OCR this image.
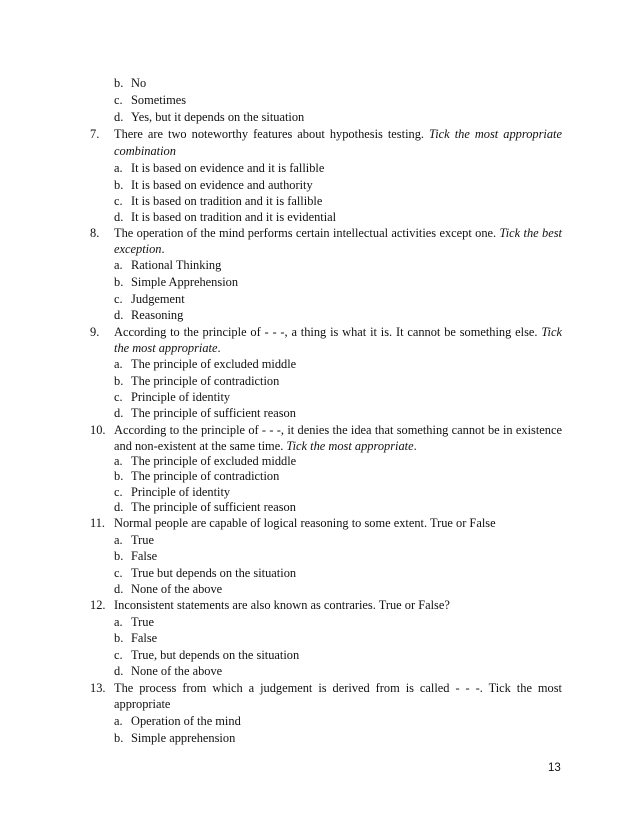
b. No
c. Sometimes
d. Yes, but it depends on the situation
7. There are two noteworthy features about hypothesis testing. Tick the most appropriate
combination
a. It is based on evidence and it is fallible
b. It is based on evidence and authority
c. It is based on tradition and it is fallible
d. It is based on tradition and it is evidential
8. The operation of the mind performs certain intellectual activities except one. Tick the best
exception.
a. Rational Thinking
b. Simple Apprehension
c. Judgement
d. Reasoning
9. According to the principle of - - -, a thing is what it is. It cannot be something else. Tick
the most appropriate.
a. The principle of excluded middle
b. The principle of contradiction
c. Principle of identity
d. The principle of sufficient reason
10. According to the principle of - - -, it denies the idea that something cannot be in existence
and non-existent at the same time. Tick the most appropriate.
a. The principle of excluded middle
b. The principle of contradiction
c. Principle of identity
d. The principle of sufficient reason
11. Normal people are capable of logical reasoning to some extent. True or False
a. True
b. False
c. True but depends on the situation
d. None of the above
12. Inconsistent statements are also known as contraries. True or False?
a. True
b. False
c. True, but depends on the situation
d. None of the above
13. The process from which a judgement is derived from is called - - -. Tick the most
appropriate
a. Operation of the mind
b. Simple apprehension
13
